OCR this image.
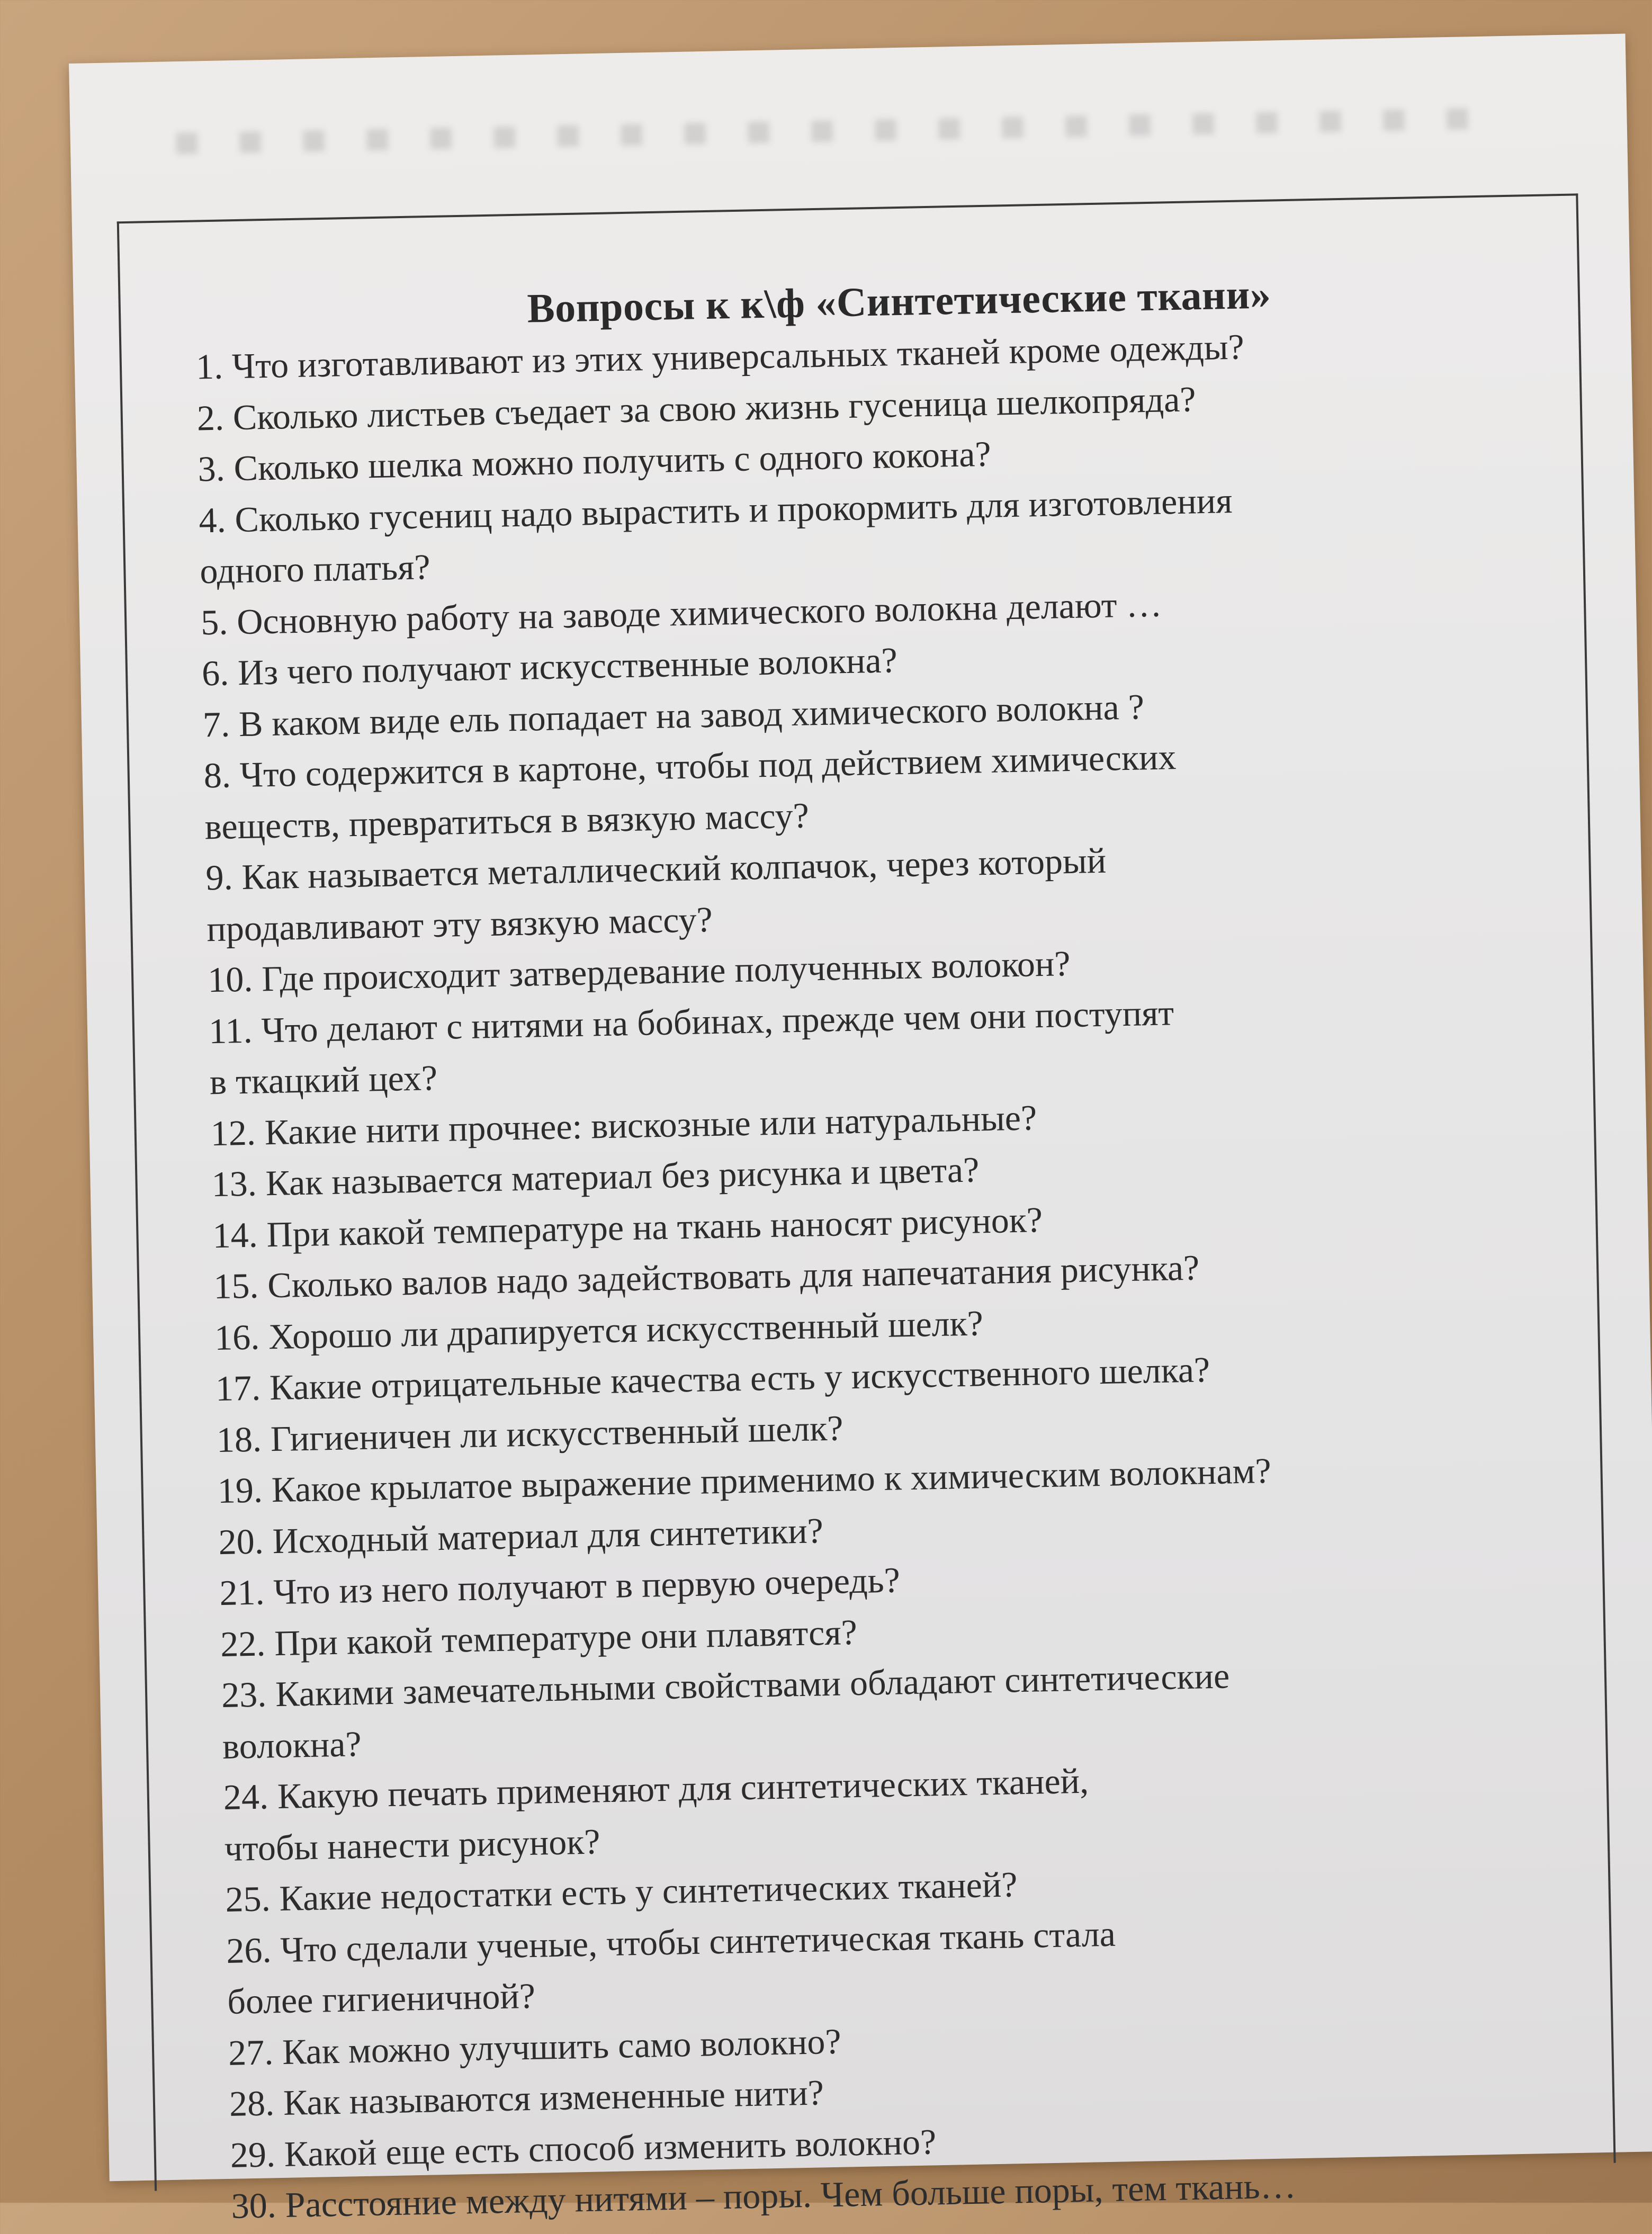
Вопросы к к\ф «Синтетические ткани»
1. Что изготавливают из этих универсальных тканей кроме одежды?
2. Сколько листьев съедает за свою жизнь гусеница шелкопряда?
3. Сколько шелка можно получить с одного кокона?
4. Сколько гусениц надо вырастить и прокормить для изготовления
одного платья?
5. Основную работу на заводе химического волокна делают …
6. Из чего получают искусственные волокна?
7. В каком виде ель попадает на завод химического волокна ?
8. Что содержится в картоне, чтобы под действием химических
веществ, превратиться в вязкую массу?
9. Как называется металлический колпачок, через который
продавливают эту вязкую массу?
10. Где происходит затвердевание полученных волокон?
11. Что делают с нитями на бобинах, прежде чем они поступят
в ткацкий цех?
12. Какие нити прочнее: вискозные или натуральные?
13. Как называется материал без рисунка и цвета?
14. При какой температуре на ткань наносят рисунок?
15. Сколько валов надо задействовать для напечатания рисунка?
16. Хорошо ли драпируется искусственный шелк?
17. Какие отрицательные качества есть у искусственного шелка?
18. Гигиеничен ли искусственный шелк?
19. Какое крылатое выражение применимо к химическим волокнам?
20. Исходный материал для синтетики?
21. Что из него получают в первую очередь?
22. При какой температуре они плавятся?
23. Какими замечательными свойствами обладают синтетические
волокна?
24. Какую печать применяют для синтетических тканей,
чтобы нанести рисунок?
25. Какие недостатки есть у синтетических тканей?
26. Что сделали ученые, чтобы синтетическая ткань стала
более гигиеничной?
27. Как можно улучшить само волокно?
28. Как называются измененные нити?
29. Какой еще есть способ изменить волокно?
30. Расстояние между нитями – поры. Чем больше поры, тем ткань…
